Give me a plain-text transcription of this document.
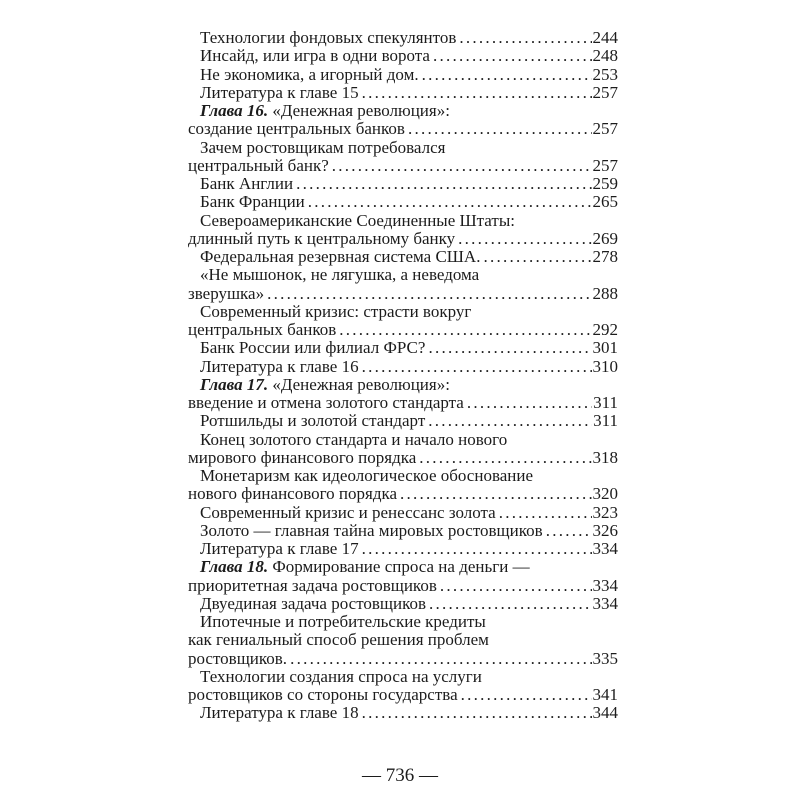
Технологии фондовых спекулянтов . . .	244
Инсайд, или игра в одни ворота . . .	248
Не экономика, а игорный дом. . . .	253
Литература к главе 15 . . .	257
Глава 16. «Денежная революция»:
создание центральных банков . . .	257
Зачем ростовщикам потребовался
центральный банк? . . .	257
Банк Англии . . .	259
Банк Франции . . .	265
Североамериканские Соединенные Штаты:
длинный путь к центральному банку . . .	269
Федеральная резервная система США. . . .	278
«Не мышонок, не лягушка, а неведома
зверушка» . . .	288
Современный кризис: страсти вокруг
центральных банков . . .	292
Банк России или филиал ФРС? . . .	301
Литература к главе 16 . . .	310
Глава 17. «Денежная революция»:
введение и отмена золотого стандарта . . .	311
Ротшильды и золотой стандарт . . .	311
Конец золотого стандарта и начало нового
мирового финансового порядка . . .	318
Монетаризм как идеологическое обоснование
нового финансового порядка . . .	320
Современный кризис и ренессанс золота . . .	323
Золото — главная тайна мировых ростовщиков . . .	326
Литература к главе 17 . . .	334
Глава 18. Формирование спроса на деньги —
приоритетная задача ростовщиков . . .	334
Двуединая задача ростовщиков . . .	334
Ипотечные и потребительские кредиты
как гениальный способ решения проблем
ростовщиков. . . .	335
Технологии создания спроса на услуги
ростовщиков со стороны государства . . .	341
Литература к главе 18 . . .	344
— 736 —
